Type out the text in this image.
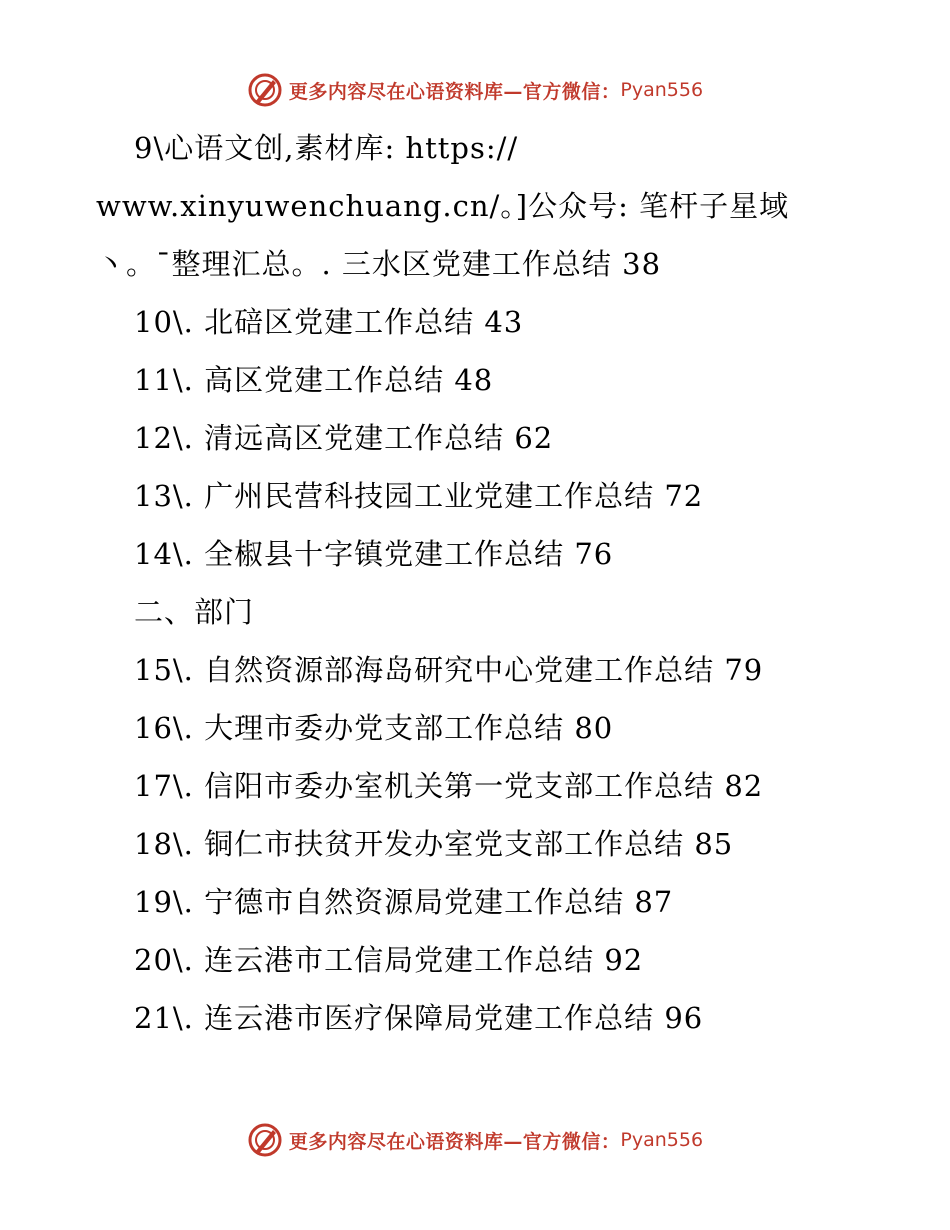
更多内容尽在心语资料库—官方微信： Pyan556
9\心语文创,素材库: https://
www.xinyuwenchuang.cn/。]公众号: 笔杆子星域
丶。¯整理汇总。. 三水区党建工作总结 38
10\. 北碚区党建工作总结 43
11\. 高区党建工作总结 48
12\. 清远高区党建工作总结 62
13\. 广州民营科技园工业党建工作总结 72
14\. 全椒县十字镇党建工作总结 76
二、部门
15\. 自然资源部海岛研究中心党建工作总结 79
16\. 大理市委办党支部工作总结 80
17\. 信阳市委办室机关第一党支部工作总结 82
18\. 铜仁市扶贫开发办室党支部工作总结 85
19\. 宁德市自然资源局党建工作总结 87
20\. 连云港市工信局党建工作总结 92
21\. 连云港市医疗保障局党建工作总结 96
更多内容尽在心语资料库—官方微信： Pyan556
